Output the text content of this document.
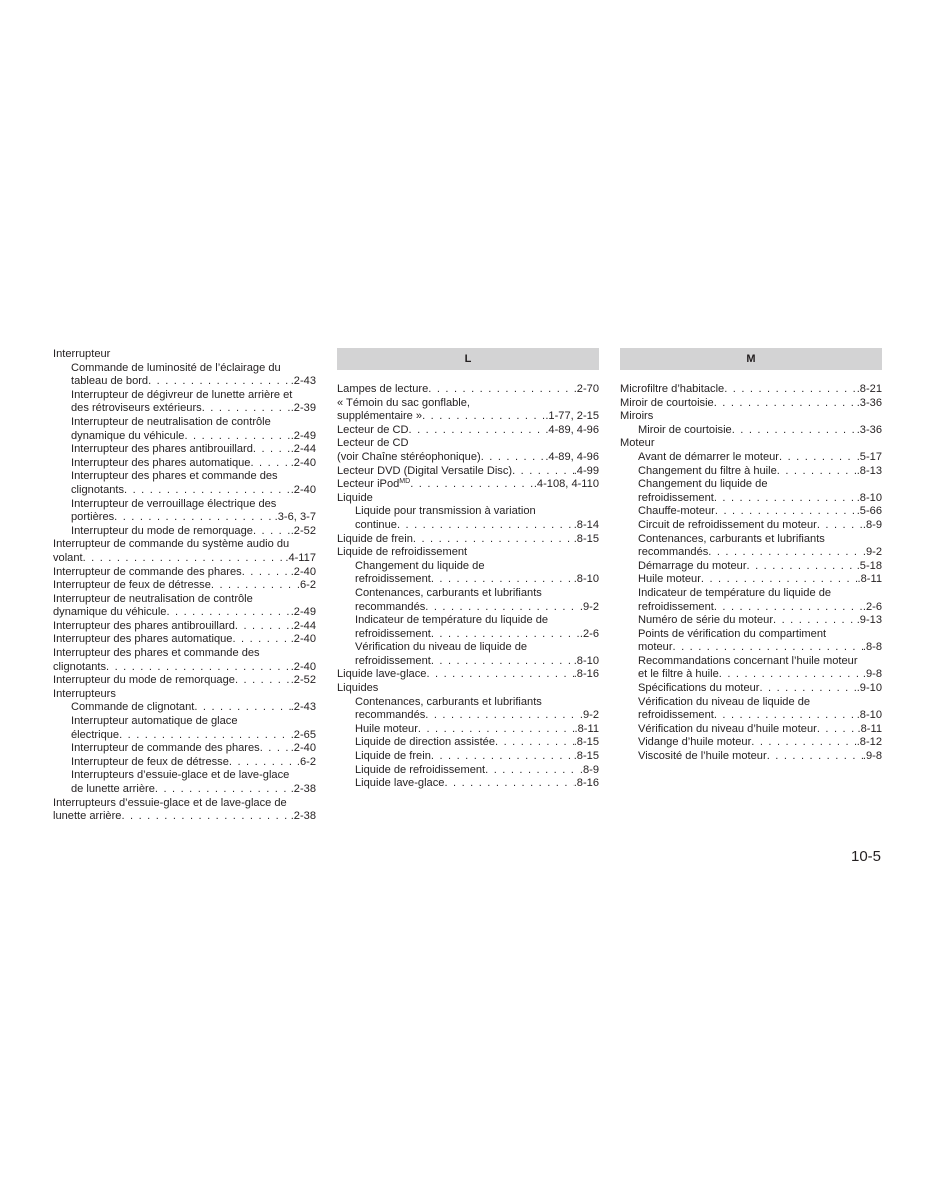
Interrupteur
Commande de luminosité de l’éclairage du
tableau de bord . . .	.2-43
Interrupteur de dégivreur de lunette arrière et
des rétroviseurs extérieurs . . .	.2-39
Interrupteur de neutralisation de contrôle
dynamique du véhicule . . .	.2-49
Interrupteur des phares antibrouillard . . .	.2-44
Interrupteur des phares automatique . . .	.2-40
Interrupteur des phares et commande des
clignotants . . .	.2-40
Interrupteur de verrouillage électrique des
portières . . .	.3-6, 3-7
Interrupteur du mode de remorquage . . .	.2-52
Interrupteur de commande du système audio du
volant . . .	.4-117
Interrupteur de commande des phares . . .	.2-40
Interrupteur de feux de détresse . . .	.6-2
Interrupteur de neutralisation de contrôle
dynamique du véhicule . . .	.2-49
Interrupteur des phares antibrouillard . . .	.2-44
Interrupteur des phares automatique . . .	.2-40
Interrupteur des phares et commande des
clignotants . . .	.2-40
Interrupteur du mode de remorquage . . .	.2-52
Interrupteurs
Commande de clignotant . . .	.2-43
Interrupteur automatique de glace
électrique . . .	.2-65
Interrupteur de commande des phares . . .	.2-40
Interrupteur de feux de détresse . . .	.6-2
Interrupteurs d’essuie-glace et de lave-glace
de lunette arrière . . .	.2-38
Interrupteurs d’essuie-glace et de lave-glace de
lunette arrière . . .	.2-38
L
Lampes de lecture . . .	.2-70
« Témoin du sac gonflable,
supplémentaire » . . .	.1-77, 2-15
Lecteur de CD . . .	.4-89, 4-96
Lecteur de CD
(voir Chaîne stéréophonique) . . .	.4-89, 4-96
Lecteur DVD (Digital Versatile Disc) . . .	.4-99
Lecteur iPod$^{MD}$ . . .	.4-108, 4-110
Liquide
Liquide pour transmission à variation
continue . . .	.8-14
Liquide de frein . . .	.8-15
Liquide de refroidissement
Changement du liquide de
refroidissement . . .	.8-10
Contenances, carburants et lubrifiants
recommandés . . .	.9-2
Indicateur de température du liquide de
refroidissement . . .	.2-6
Vérification du niveau de liquide de
refroidissement . . .	.8-10
Liquide lave-glace . . .	.8-16
Liquides
Contenances, carburants et lubrifiants
recommandés . . .	.9-2
Huile moteur . . .	.8-11
Liquide de direction assistée . . .	.8-15
Liquide de frein . . .	.8-15
Liquide de refroidissement . . .	.8-9
Liquide lave-glace . . .	.8-16
M
Microfiltre d’habitacle . . .	.8-21
Miroir de courtoisie . . .	.3-36
Miroirs
Miroir de courtoisie . . .	.3-36
Moteur
Avant de démarrer le moteur . . .	.5-17
Changement du filtre à huile . . .	.8-13
Changement du liquide de
refroidissement . . .	.8-10
Chauffe-moteur . . .	.5-66
Circuit de refroidissement du moteur . . .	.8-9
Contenances, carburants et lubrifiants
recommandés . . .	.9-2
Démarrage du moteur . . .	.5-18
Huile moteur . . .	.8-11
Indicateur de température du liquide de
refroidissement . . .	.2-6
Numéro de série du moteur . . .	.9-13
Points de vérification du compartiment
moteur . . .	.8-8
Recommandations concernant l’huile moteur
et le filtre à huile . . .	.9-8
Spécifications du moteur . . .	.9-10
Vérification du niveau de liquide de
refroidissement . . .	.8-10
Vérification du niveau d’huile moteur . . .	.8-11
Vidange d’huile moteur . . .	.8-12
Viscosité de l’huile moteur . . .	.9-8
10-5
